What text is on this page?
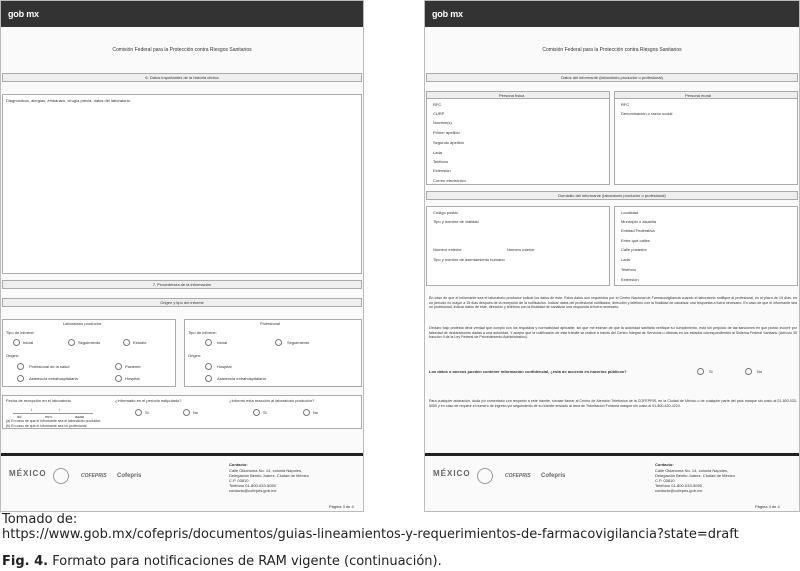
gob mx
Comisión Federal para la Protección contra Riesgos Sanitarios
6. Datos importantes de la historia clínica
Diagnósticos, alergias, embarazo, cirugía previa, datos del laboratorio.
7. Procedencia de la información
Origen y tipo del informe
Laboratorio productor
Tipo de informe:
Inicial	Seguimiento	Estudio
Origen:
Profesional de la salud	Paciente
Asistencia extrahospitalaria	Hospital
Profesional
Tipo de informe:
Inicial	Seguimiento
Origen:
Hospital
Asistencia extrahospitalaria
Fecha de recepción en el laboratorio
/	/
dd	mm	aaaa
(a) En caso de que el informante sea el laboratorio productor.
(b) En caso de que el informante sea un profesional.
¿Informado en el período estipulado?
Si	No
¿Informó esta reacción al laboratorio productor?
Si	No
MÉXICO	COFEPRIS Cofepris
Contacto:
Calle Oklahoma No. 14, colonia Nápoles,
Delegación Benito Juárez, Ciudad de México
C.P. 03810
Teléfono 01-800-033-5050
contacto@cofepris.gob.mx
Página 3 de 4
gob mx
Comisión Federal para la Protección contra Riesgos Sanitarios
Datos del informante (laboratorio productor o profesional)
Persona física
RFC
CURP
Nombre(s)
Primer apellido
Segundo apellido
Lada
Teléfono
Extensión
Correo electrónico
Persona moral
RFC
Denominación o razón social
Domicilio del informante (laboratorio productor o profesional)
Código postal
Tipo y nombre de vialidad
Número exterior	Número interior
Tipo y nombre de asentamiento humano
Localidad
Municipio o alcaldía
Entidad Federativa
Entre qué calles
Calle posterior
Lada
Teléfono
Extensión
En caso de que el informante sea el laboratorio productor indicar los datos de éste. Estos datos son requeridos por el Centro Nacional de Farmacovigilancia cuando el laboratorio notifique al profesional, en el plazo de 15 días, en un período no mayor a 15 días después de la recepción de la notificación. Indicar datos del profesional notificador, dirección y teléfono con la finalidad de canalizar una respuesta a fuera necesario. En caso de que el informante sea un profesional, indicar datos de éste, dirección y teléfono con la finalidad de canalizar una respuesta si fuera necesario.
Declaro bajo protesta decir verdad que cumplo con los requisitos y normatividad aplicable, sin que me eximan de que la autoridad sanitaria verifique su cumplimiento, esto sin perjuicio de las sanciones en que puedo incurrir por falsedad de declaraciones dadas a una autoridad. Y acepto que la notificación de este trámite se realice a través del Centro Integral de Servicios u oficinas en los estados correspondientes al Sistema Federal Sanitario (Artículo 35 fracción II de la Ley Federal de Procedimiento Administrativo).
Los datos o anexos pueden contener información confidencial, ¿está de acuerdo en hacerlos públicos?	Si	No
Para cualquier aclaración, duda y/o comentario con respecto a este trámite, sírvase llamar al Centro de Atención Telefónica de la COFEPRIS, en la Ciudad de México o de cualquier parte del país marque sin costo al 01-800-033-5050 y en caso de requerir el número de ingreso y/o seguimiento de su trámite enviado al área de Tramitación Foránea marque sin costo al 01-800-420-4224.
MÉXICO	COFEPRIS Cofepris
Contacto:
Calle Oklahoma No. 14, colonia Nápoles,
Delegación Benito Juárez, Ciudad de México
C.P. 03810
Teléfono 01-800-033-5050
contacto@cofepris.gob.mx
Página 4 de 4
Tomado de:
https://www.gob.mx/cofepris/documentos/guias-lineamientos-y-requerimientos-de-farmacovigilancia?state=draft
Fig. 4. Formato para notificaciones de RAM vigente (continuación).
